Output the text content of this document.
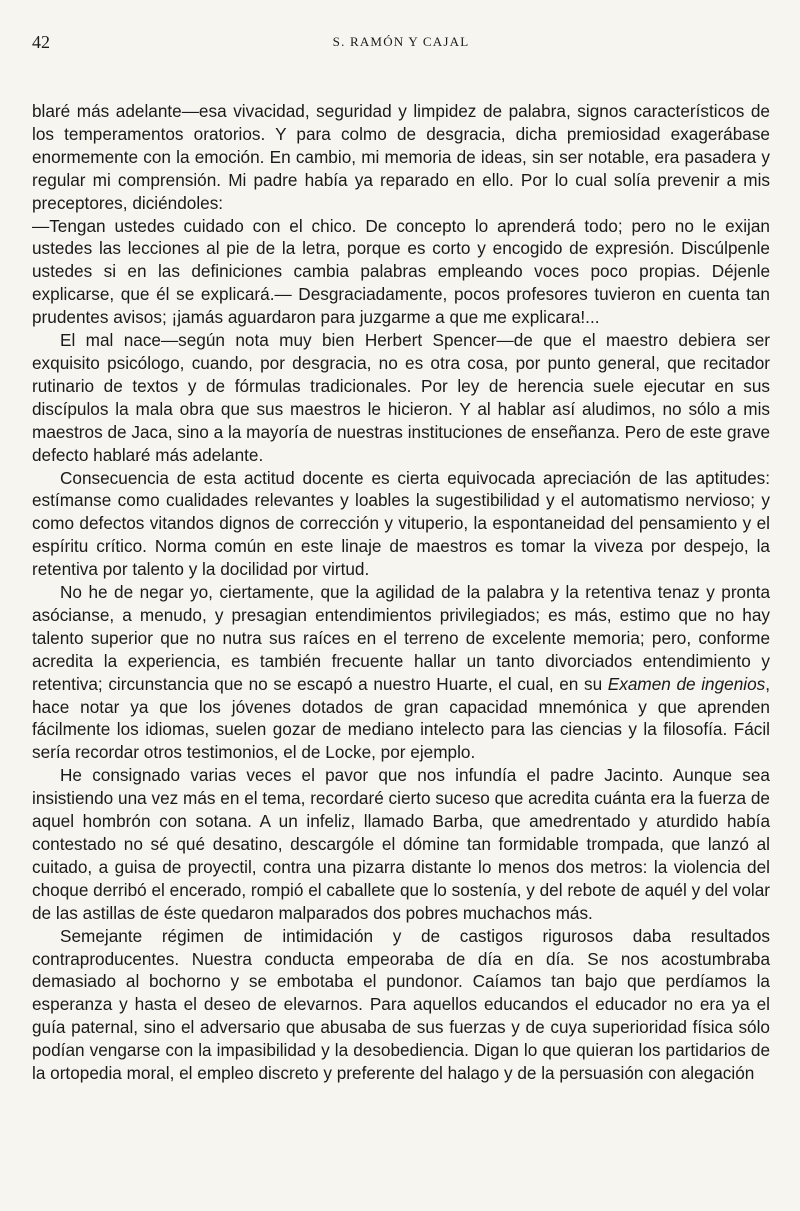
42	S. RAMÓN Y CAJAL

blaré más adelante—esa vivacidad, seguridad y limpidez de palabra, signos característicos de los temperamentos oratorios. Y para colmo de desgracia, dicha premiosidad exagerábase enormemente con la emoción. En cambio, mi memoria de ideas, sin ser notable, era pasadera y regular mi comprensión. Mi padre había ya reparado en ello. Por lo cual solía prevenir a mis preceptores, diciéndoles:

—Tengan ustedes cuidado con el chico. De concepto lo aprenderá todo; pero no le exijan ustedes las lecciones al pie de la letra, porque es corto y encogido de expresión. Discúlpenle ustedes si en las definiciones cambia palabras empleando voces poco propias. Déjenle explicarse, que él se explicará.— Desgraciadamente, pocos profesores tuvieron en cuenta tan prudentes avisos; ¡jamás aguardaron para juzgarme a que me explicara!...

El mal nace—según nota muy bien Herbert Spencer—de que el maestro debiera ser exquisito psicólogo, cuando, por desgracia, no es otra cosa, por punto general, que recitador rutinario de textos y de fórmulas tradicionales. Por ley de herencia suele ejecutar en sus discípulos la mala obra que sus maestros le hicieron. Y al hablar así aludimos, no sólo a mis maestros de Jaca, sino a la mayoría de nuestras instituciones de enseñanza. Pero de este grave defecto hablaré más adelante.

Consecuencia de esta actitud docente es cierta equivocada apreciación de las aptitudes: estímanse como cualidades relevantes y loables la sugestibilidad y el automatismo nervioso; y como defectos vitandos dignos de corrección y vituperio, la espontaneidad del pensamiento y el espíritu crítico. Norma común en este linaje de maestros es tomar la viveza por despejo, la retentiva por talento y la docilidad por virtud.

No he de negar yo, ciertamente, que la agilidad de la palabra y la retentiva tenaz y pronta asócianse, a menudo, y presagian entendimientos privilegiados; es más, estimo que no hay talento superior que no nutra sus raíces en el terreno de excelente memoria; pero, conforme acredita la experiencia, es también frecuente hallar un tanto divorciados entendimiento y retentiva; circunstancia que no se escapó a nuestro Huarte, el cual, en su Examen de ingenios, hace notar ya que los jóvenes dotados de gran capacidad mnemónica y que aprenden fácilmente los idiomas, suelen gozar de mediano intelecto para las ciencias y la filosofía. Fácil sería recordar otros testimonios, el de Locke, por ejemplo.

He consignado varias veces el pavor que nos infundía el padre Jacinto. Aunque sea insistiendo una vez más en el tema, recordaré cierto suceso que acredita cuánta era la fuerza de aquel hombrón con sotana. A un infeliz, llamado Barba, que amedrentado y aturdido había contestado no sé qué desatino, descargóle el dómine tan formidable trompada, que lanzó al cuitado, a guisa de proyectil, contra una pizarra distante lo menos dos metros: la violencia del choque derribó el encerado, rompió el caballete que lo sostenía, y del rebote de aquél y del volar de las astillas de éste quedaron malparados dos pobres muchachos más.

Semejante régimen de intimidación y de castigos rigurosos daba resultados contraproducentes. Nuestra conducta empeoraba de día en día. Se nos acostumbraba demasiado al bochorno y se embotaba el pundonor. Caíamos tan bajo que perdíamos la esperanza y hasta el deseo de elevarnos. Para aquellos educandos el educador no era ya el guía paternal, sino el adversario que abusaba de sus fuerzas y de cuya superioridad física sólo podían vengarse con la impasibilidad y la desobediencia. Digan lo que quieran los partidarios de la ortopedia moral, el empleo discreto y preferente del halago y de la persuasión con alegación
